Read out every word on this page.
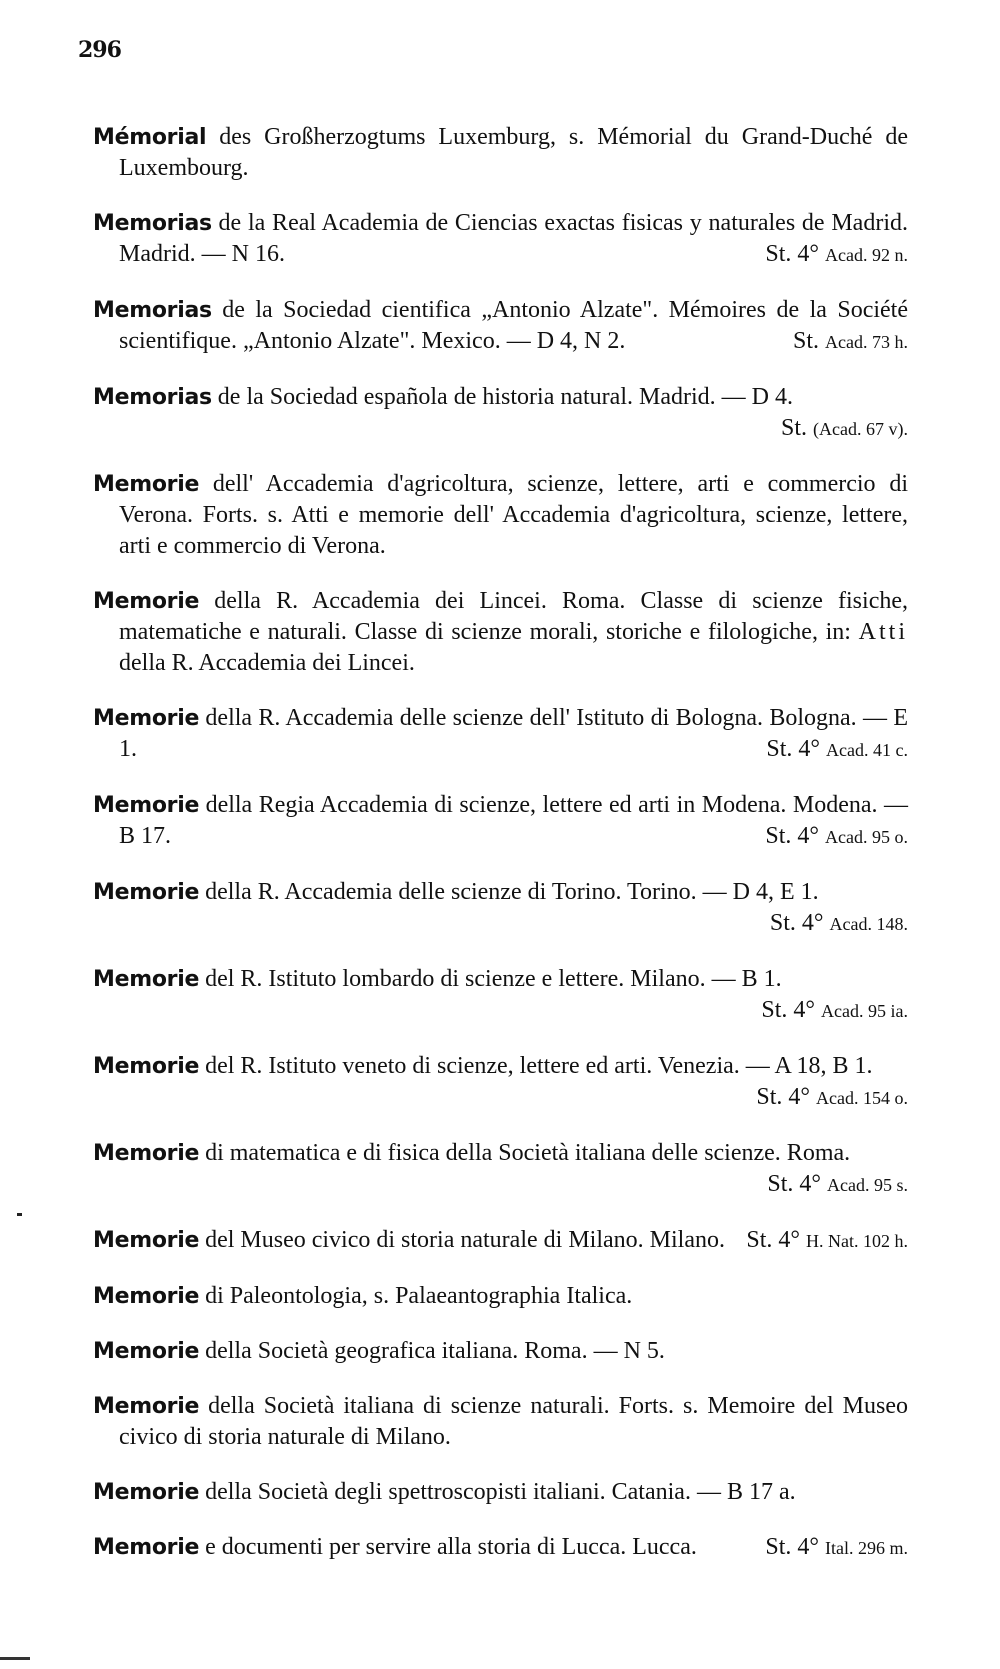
296

Mémorial des Großherzogtums Luxemburg, s. Mémorial du Grand-Duché de Luxembourg.

Memorias de la Real Academia de Ciencias exactas fisicas y naturales de Madrid. Madrid. — N 16.	St. 4° Acad. 92 n.

Memorias de la Sociedad cientifica „Antonio Alzate". Mémoires de la Société scientifique. „Antonio Alzate". Mexico. — D 4, N 2.	St. Acad. 73 h.

Memorias de la Sociedad española de historia natural. Madrid. — D 4.
St. (Acad. 67 v).

Memorie dell' Accademia d'agricoltura, scienze, lettere, arti e commercio di Verona. Forts. s. Atti e memorie dell' Accademia d'agricoltura, scienze, lettere, arti e commercio di Verona.

Memorie della R. Accademia dei Lincei. Roma. Classe di scienze fisiche, matematiche e naturali. Classe di scienze morali, storiche e filologiche, in: Atti della R. Accademia dei Lincei.

Memorie della R. Accademia delle scienze dell' Istituto di Bologna. Bologna. — E 1.	St. 4° Acad. 41 c.

Memorie della Regia Accademia di scienze, lettere ed arti in Modena. Modena. — B 17.	St. 4° Acad. 95 o.

Memorie della R. Accademia delle scienze di Torino. Torino. — D 4, E 1.
St. 4° Acad. 148.

Memorie del R. Istituto lombardo di scienze e lettere. Milano. — B 1.
St. 4° Acad. 95 ia.

Memorie del R. Istituto veneto di scienze, lettere ed arti. Venezia. — A 18, B 1.
St. 4° Acad. 154 o.

Memorie di matematica e di fisica della Società italiana delle scienze. Roma.
St. 4° Acad. 95 s.

Memorie del Museo civico di storia naturale di Milano. Milano. St. 4° H. Nat. 102 h.

Memorie di Paleontologia, s. Palaeantographia Italica.

Memorie della Società geografica italiana. Roma. — N 5.

Memorie della Società italiana di scienze naturali. Forts. s. Memoire del Museo civico di storia naturale di Milano.

Memorie della Società degli spettroscopisti italiani. Catania. — B 17 a.

Memorie e documenti per servire alla storia di Lucca. Lucca.	St. 4° Ital. 296 m.
